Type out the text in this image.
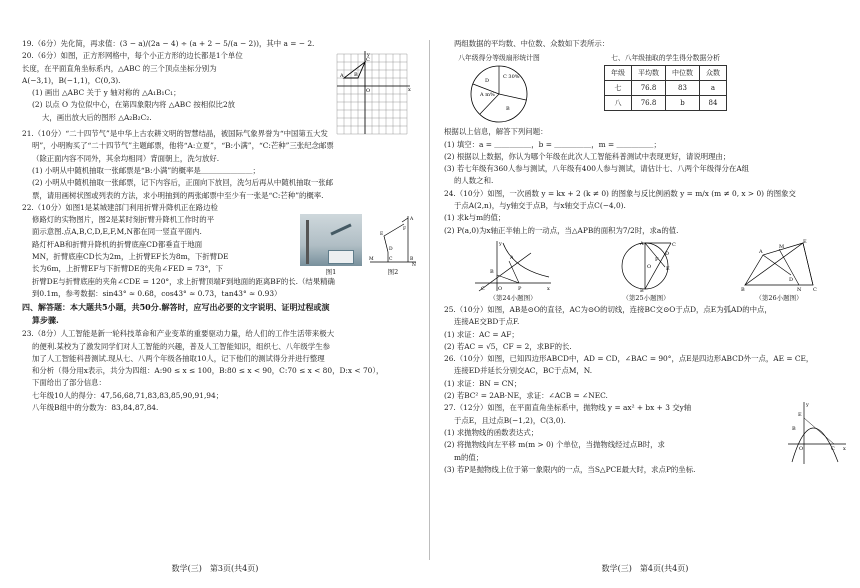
19.（6分）先化简，再求值：(3 − a)/(2a − 4) ÷ (a + 2 − 5/(a − 2))，其中 a = − 2.

A B
C
O	x
y

20.（6分）如图，正方形网格中，每个小正方形的边长都是1个单位

长度，在平面直角坐标系内，△ABC 的三个顶点坐标分别为

A(−3,1)，B(−1,1)，C(0,3).

(1) 画出 △ABC 关于 y 轴对称的 △A₁B₁C₁；

(2) 以点 O 为位似中心，在第四象限内将 △ABC 按相似比2放

大，画出放大后的图形 △A₂B₂C₂.

21.（10分）“二十四节气”是中华上古农耕文明的智慧结晶，被国际气象界誉为“中国第五大发

明”，小明购买了“二十四节气”主题邮票，他将“A:立夏”，“B:小满”，“C:芒种”三张纪念邮票

（除正面内容不同外，其余均相同）背面朝上，洗匀放好.

(1) 小明从中随机抽取一张邮票是“B:小满”的概率是＿＿＿＿＿＿＿；

(2) 小明从中随机抽取一张邮票，记下内容后，正面向下放回，洗匀后再从中随机抽取一张邮

票，请用画树状图或列表的方法，求小明抽到的两张邮票中至少有一张是“C:芒种”的概率.

图1
A
B
C
D
E
F
M
N
图2

22.（10分）如图1是某城建部门利用折臂升降机正在路边检

修路灯的实物图片，图2是某时刻折臂升降机工作时的平

面示意图.点A,B,C,D,E,F,M,N都在同一竖直平面内.

路灯杆AB和折臂升降机的折臂底座CD都垂直于地面

MN，折臂底座CD长为2m，上折臂EF长为8m，下折臂DE

长为6m，上折臂EF与下折臂DE的夹角∠FED = 73°，下

折臂DE与折臂底座的夹角∠CDE = 120°，求上折臂顶端F到地面的距离BF的长.（结果精确

到0.1m，参考数据：sin43° ≈ 0.68，cos43° ≈ 0.73，tan43° ≈ 0.93）

四、解答题：本大题共5小题，共50分.解答时，应写出必要的文字说明、证明过程或演
算步骤.

23.（8分）人工智能是新一轮科技革命和产业变革的重要驱动力量，给人们的工作生活带来极大

的便利.某校为了激发同学们对人工智能的兴趣，普及人工智能知识，组织七、八年级学生参

加了人工智能科普测试.现从七、八两个年级各抽取10人，记下他们的测试得分并进行整理

和分析（得分用x表示，共分为四组：A:90 ≤ x ≤ 100，B:80 ≤ x < 90，C:70 ≤ x < 80，D:x < 70），

下面给出了部分信息：

七年级10人的得分：47,56,68,71,83,83,85,90,91,94；

八年级B组中的分数为：83,84,87,84.

数学(三)　第3页(共4页)

两组数据的平均数、中位数、众数如下表所示：

八年级得分等级扇形统计图
C 30%
A m%
D
B
七、八年级抽取的学生得分数据分析
年级	平均数	中位数	众数
七	76.8	83	a
八	76.8	b	84

根据以上信息，解答下列问题：

(1) 填空：a = ＿＿＿＿＿，b = ＿＿＿＿＿，m = ＿＿＿＿＿；

(2) 根据以上数据，你认为哪个年级在此次人工智能科普测试中表现更好，请说明理由；

(3) 若七年级有360人参与测试，八年级有400人参与测试，请估计七、八两个年级得分在A组

的人数之和.

24.（10分）如图，一次函数 y = kx + 2 (k ≠ 0) 的图象与反比例函数 y = m/x (m ≠ 0, x > 0) 的图象交

于点A(2,n)，与y轴交于点B，与x轴交于点C(−4,0).

(1) 求k与m的值；

(2) P(a,0)为x轴正半轴上的一动点，当△APB的面积为7/2时，求a的值.

A
B
C	O	P	x
y
（第24小题图）
A
B
C
D
E
F
O
（第25小题图）
A
B	C
E
D
N
M
（第26小题图）

25.（10分）如图，AB是⊙O的直径，AC为⊙O的切线，连接BC交⊙O于点D，点E为弧AD的中点，

连接AE交BD于点F.

(1) 求证：AC = AF；

(2) 若AC = √5，CF = 2，求BF的长.

26.（10分）如图，已知四边形ABCD中，AD = CD，∠BAC = 90°，点E是四边形ABCD外一点，AE = CE，

连接ED并延长分别交AC，BC于点M，N.

(1) 求证：BN = CN；

(2) 若BC² = 2AB·NE，求证：∠ACB = ∠NEC.

E
B
C
O	x
y

27.（12分）如图，在平面直角坐标系中，抛物线 y = ax² + bx + 3 交y轴

于点E，且过点B(−1,2)，C(3,0).

(1) 求抛物线的函数表达式；

(2) 将抛物线向左平移 m(m > 0) 个单位，当抛物线经过点B时，求

m的值；

(3) 若P是抛物线上位于第一象限内的一点，当S△PCE最大时，求点P的坐标.

数学(三)　第4页(共4页)
